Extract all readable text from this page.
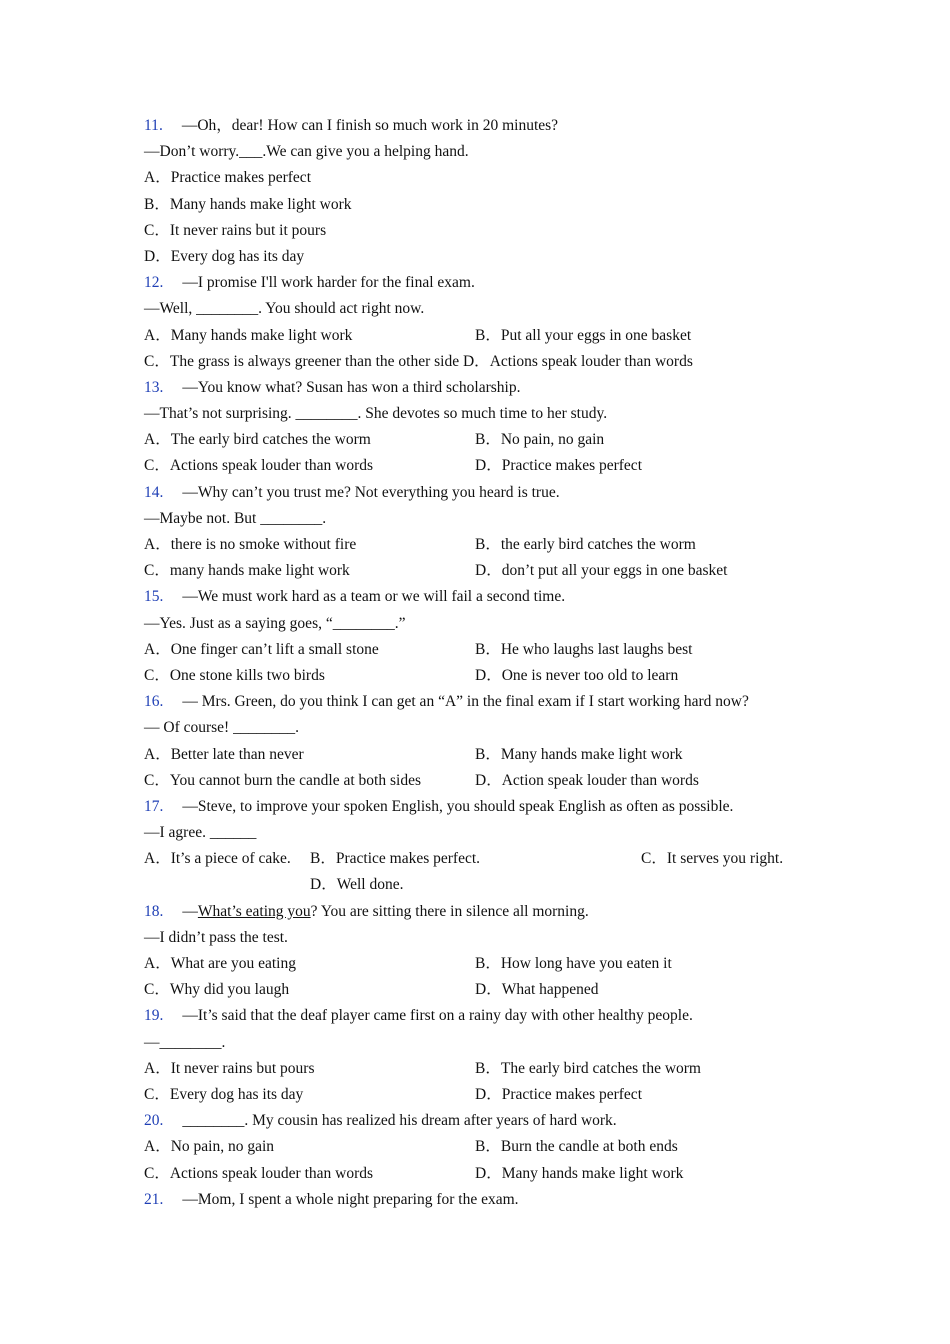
11. —Oh，dear! How can I finish so much work in 20 minutes?
—Don’t worry.___.We can give you a helping hand.
A．Practice makes perfect
B．Many hands make light work
C．It never rains but it pours
D．Every dog has its day
12. —I promise I'll work harder for the final exam.
—Well, ________. You should act right now.
A．Many hands make light work	B．Put all your eggs in one basket
C．The grass is always greener than the other side D．Actions speak louder than words
13. —You know what? Susan has won a third scholarship.
—That’s not surprising. ________. She devotes so much time to her study.
A．The early bird catches the worm	B．No pain, no gain
C．Actions speak louder than words	D．Practice makes perfect
14. —Why can’t you trust me? Not everything you heard is true.
—Maybe not. But ________.
A．there is no smoke without fire	B．the early bird catches the worm
C．many hands make light work	D．don’t put all your eggs in one basket
15. —We must work hard as a team or we will fail a second time.
—Yes. Just as a saying goes, “________.”
A．One finger can’t lift a small stone	B．He who laughs last laughs best
C．One stone kills two birds	D．One is never too old to learn
16. — Mrs. Green, do you think I can get an “A” in the final exam if I start working hard now?
— Of course! ________.
A．Better late than never	B．Many hands make light work
C．You cannot burn the candle at both sides	D．Action speak louder than words
17. —Steve, to improve your spoken English, you should speak English as often as possible.
—I agree. ______
A．It’s a piece of cake. B．Practice makes perfect.	C．It serves you right.
D．Well done.
18. —What’s eating you? You are sitting there in silence all morning.
—I didn’t pass the test.
A．What are you eating	B．How long have you eaten it
C．Why did you laugh	D．What happened
19. —It’s said that the deaf player came first on a rainy day with other healthy people.
—________.
A．It never rains but pours	B．The early bird catches the worm
C．Every dog has its day	D．Practice makes perfect
20. ________. My cousin has realized his dream after years of hard work.
A．No pain, no gain	B．Burn the candle at both ends
C．Actions speak louder than words	D．Many hands make light work
21. —Mom, I spent a whole night preparing for the exam.
